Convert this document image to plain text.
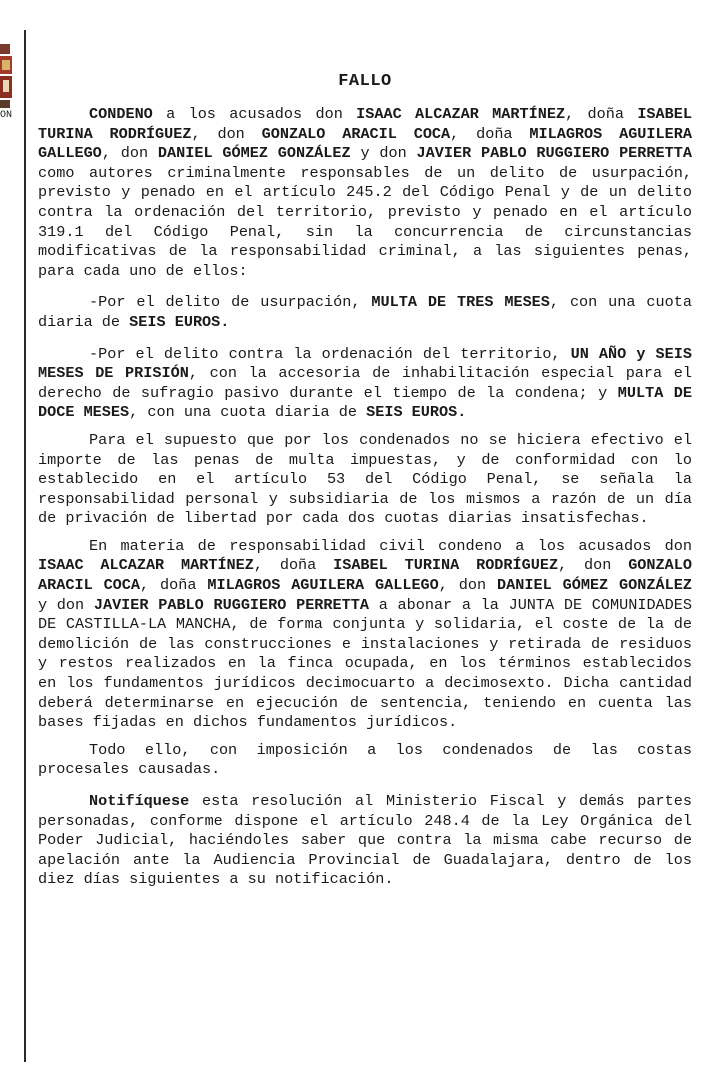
ON
FALLO

CONDENO a los acusados don ISAAC ALCAZAR MARTÍNEZ, doña ISABEL TURINA RODRÍGUEZ, don GONZALO ARACIL COCA, doña MILAGROS AGUILERA GALLEGO, don DANIEL GÓMEZ GONZÁLEZ y don JAVIER PABLO RUGGIERO PERRETTA como autores criminalmente responsables de un delito de usurpación, previsto y penado en el artículo 245.2 del Código Penal y de un delito contra la ordenación del territorio, previsto y penado en el artículo 319.1 del Código Penal, sin la concurrencia de circunstancias modificativas de la responsabilidad criminal, a las siguientes penas, para cada uno de ellos:

-Por el delito de usurpación, MULTA DE TRES MESES, con una cuota diaria de SEIS EUROS.

-Por el delito contra la ordenación del territorio, UN AÑO y SEIS MESES DE PRISIÓN, con la accesoria de inhabilitación especial para el derecho de sufragio pasivo durante el tiempo de la condena; y MULTA DE DOCE MESES, con una cuota diaria de SEIS EUROS.

Para el supuesto que por los condenados no se hiciera efectivo el importe de las penas de multa impuestas, y de conformidad con lo establecido en el artículo 53 del Código Penal, se señala la responsabilidad personal y subsidiaria de los mismos a razón de un día de privación de libertad por cada dos cuotas diarias insatisfechas.

En materia de responsabilidad civil condeno a los acusados don ISAAC ALCAZAR MARTÍNEZ, doña ISABEL TURINA RODRÍGUEZ, don GONZALO ARACIL COCA, doña MILAGROS AGUILERA GALLEGO, don DANIEL GÓMEZ GONZÁLEZ y don JAVIER PABLO RUGGIERO PERRETTA a abonar a la JUNTA DE COMUNIDADES DE CASTILLA-LA MANCHA, de forma conjunta y solidaria, el coste de la de demolición de las construcciones e instalaciones y retirada de residuos y restos realizados en la finca ocupada, en los términos establecidos en los fundamentos jurídicos decimocuarto a decimosexto. Dicha cantidad deberá determinarse en ejecución de sentencia, teniendo en cuenta las bases fijadas en dichos fundamentos jurídicos.

Todo ello, con imposición a los condenados de las costas procesales causadas.

Notifíquese esta resolución al Ministerio Fiscal y demás partes personadas, conforme dispone el artículo 248.4 de la Ley Orgánica del Poder Judicial, haciéndoles saber que contra la misma cabe recurso de apelación ante la Audiencia Provincial de Guadalajara, dentro de los diez días siguientes a su notificación.
